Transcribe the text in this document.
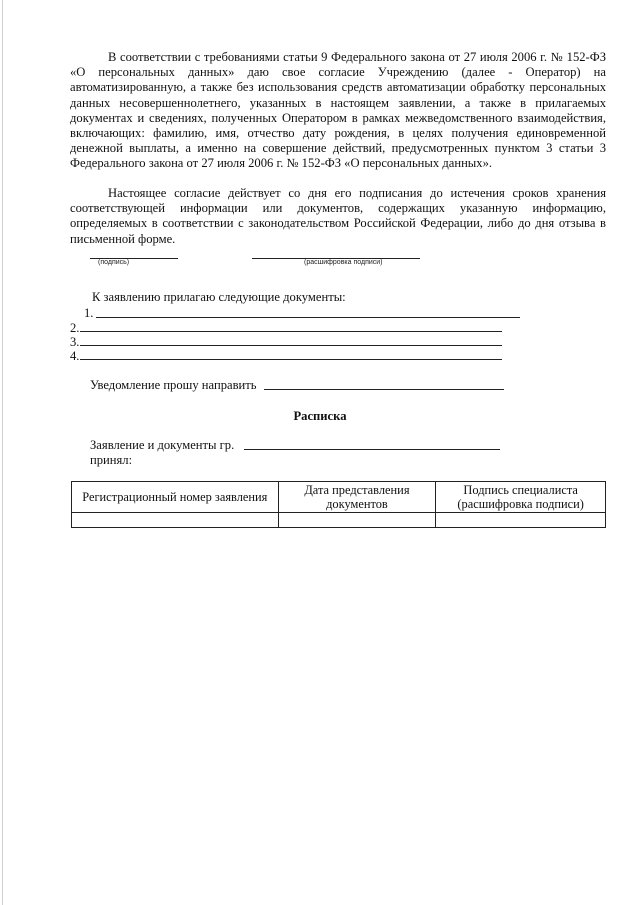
В соответствии с требованиями статьи 9 Федерального закона от 27 июля 2006 г. № 152-ФЗ «О персональных данных» даю свое согласие Учреждению (далее - Оператор) на автоматизированную, а также без использования средств автоматизации обработку персональных данных несовершеннолетнего, указанных в настоящем заявлении, а также в прилагаемых документах и сведениях, полученных Оператором в рамках межведомственного взаимодействия, включающих: фамилию, имя, отчество дату рождения, в целях получения единовременной денежной выплаты, а именно на совершение действий, предусмотренных пунктом 3 статьи 3 Федерального закона от 27 июля 2006 г. № 152-ФЗ «О персональных данных».
Настоящее согласие действует со дня его подписания до истечения сроков хранения соответствующей информации или документов, содержащих указанную информацию, определяемых в соответствии с законодательством Российской Федерации, либо до дня отзыва в письменной форме.
(подпись)	(расшифровка подписи)
К заявлению прилагаю следующие документы:
1.
2.
3.
4.
Уведомление прошу направить
Расписка
Заявление и документы гр.
принял:
Регистрационный номер заявления	Дата представления документов	Подпись специалиста (расшифровка подписи)
